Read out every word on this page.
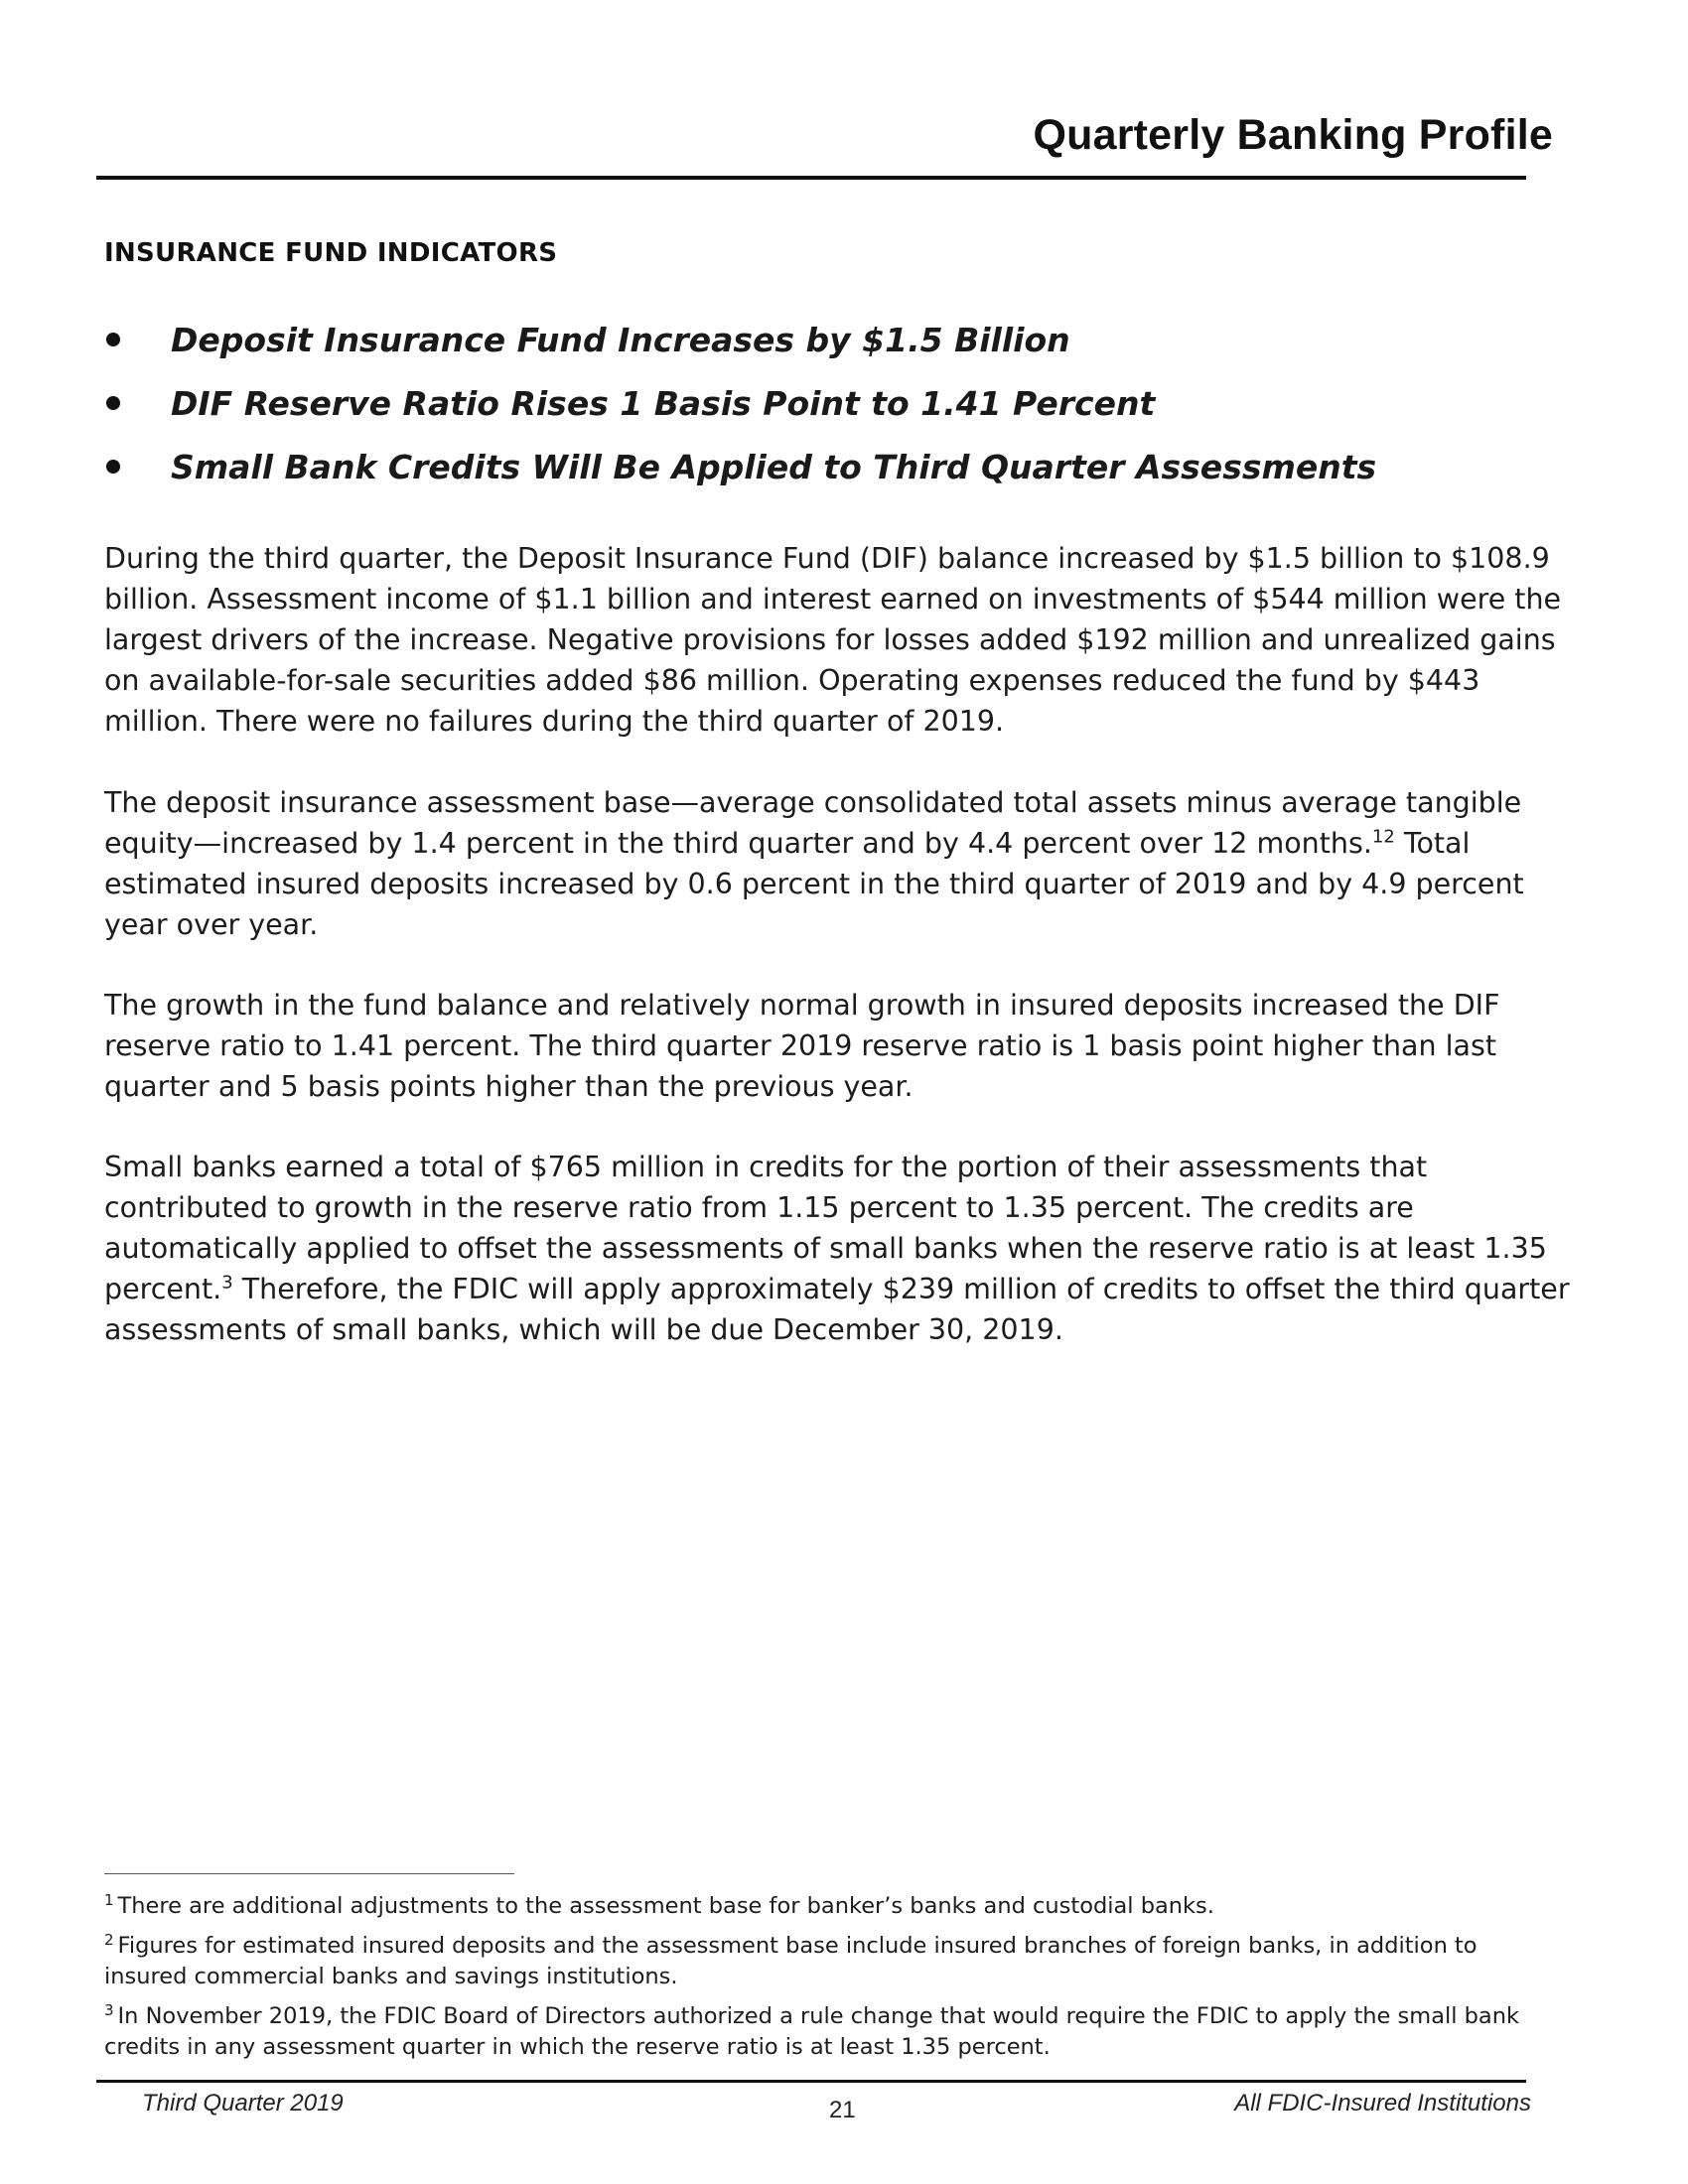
Quarterly Banking Profile
INSURANCE FUND INDICATORS
Deposit Insurance Fund Increases by $1.5 Billion
DIF Reserve Ratio Rises 1 Basis Point to 1.41 Percent
Small Bank Credits Will Be Applied to Third Quarter Assessments

During the third quarter, the Deposit Insurance Fund (DIF) balance increased by $1.5 billion to $108.9 billion. Assessment income of $1.1 billion and interest earned on investments of $544 million were the largest drivers of the increase. Negative provisions for losses added $192 million and unrealized gains on available-for-sale securities added $86 million. Operating expenses reduced the fund by $443 million. There were no failures during the third quarter of 2019.

The deposit insurance assessment base—average consolidated total assets minus average tangible equity—increased by 1.4 percent in the third quarter and by 4.4 percent over 12 months.$^{12}$ Total estimated insured deposits increased by 0.6 percent in the third quarter of 2019 and by 4.9 percent year over year.

The growth in the fund balance and relatively normal growth in insured deposits increased the DIF reserve ratio to 1.41 percent. The third quarter 2019 reserve ratio is 1 basis point higher than last quarter and 5 basis points higher than the previous year.

Small banks earned a total of $765 million in credits for the portion of their assessments that contributed to growth in the reserve ratio from 1.15 percent to 1.35 percent. The credits are automatically applied to offset the assessments of small banks when the reserve ratio is at least 1.35 percent.$^3$ Therefore, the FDIC will apply approximately $239 million of credits to offset the third quarter assessments of small banks, which will be due December 30, 2019.

$^1$ There are additional adjustments to the assessment base for banker’s banks and custodial banks.

$^2$ Figures for estimated insured deposits and the assessment base include insured branches of foreign banks, in addition to insured commercial banks and savings institutions.

$^3$ In November 2019, the FDIC Board of Directors authorized a rule change that would require the FDIC to apply the small bank credits in any assessment quarter in which the reserve ratio is at least 1.35 percent.

Third Quarter 2019	21	All FDIC-Insured Institutions
